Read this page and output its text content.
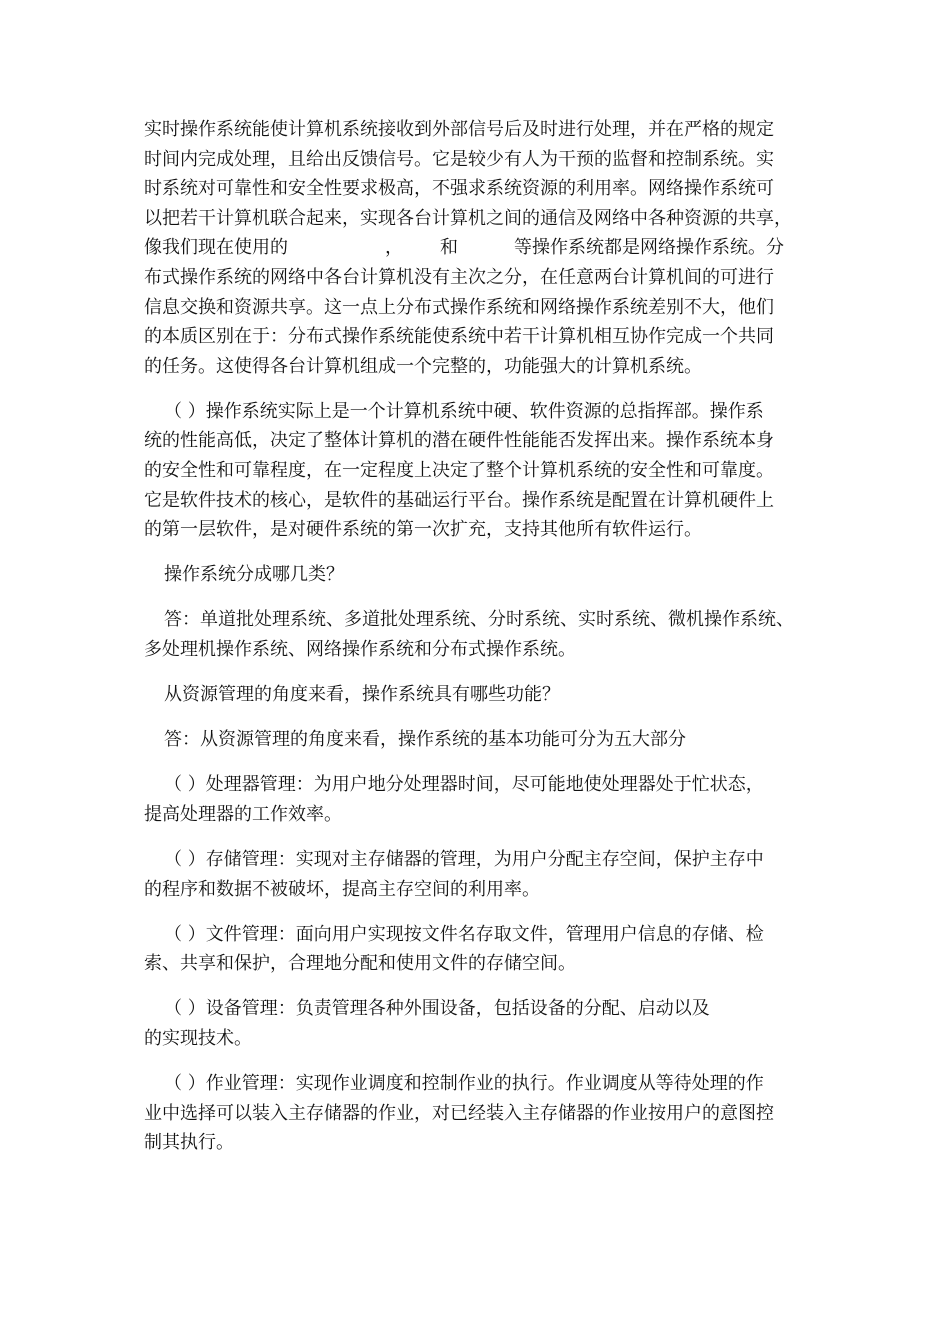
实时操作系统能使计算机系统接收到外部信号后及时进行处理，并在严格的规定
时间内完成处理，且给出反馈信号。它是较少有人为干预的监督和控制系统。实
时系统对可靠性和安全性要求极高，不强求系统资源的利用率。网络操作系统可
以把若干计算机联合起来，实现各台计算机之间的通信及网络中各种资源的共享，
像我们现在使用的	， 和	等操作系统都是网络操作系统。分
布式操作系统的网络中各台计算机没有主次之分，在任意两台计算机间的可进行
信息交换和资源共享。这一点上分布式操作系统和网络操作系统差别不大，他们
的本质区别在于：分布式操作系统能使系统中若干计算机相互协作完成一个共同
的任务。这使得各台计算机组成一个完整的，功能强大的计算机系统。
（ ）操作系统实际上是一个计算机系统中硬、软件资源的总指挥部。操作系
统的性能高低，决定了整体计算机的潜在硬件性能能否发挥出来。操作系统本身
的安全性和可靠程度，在一定程度上决定了整个计算机系统的安全性和可靠度。
它是软件技术的核心，是软件的基础运行平台。操作系统是配置在计算机硬件上
的第一层软件，是对硬件系统的第一次扩充，支持其他所有软件运行。
操作系统分成哪几类？
答：单道批处理系统、多道批处理系统、分时系统、实时系统、微机操作系统、
多处理机操作系统、网络操作系统和分布式操作系统。
从资源管理的角度来看，操作系统具有哪些功能？
答：从资源管理的角度来看，操作系统的基本功能可分为五大部分
（ ）处理器管理：为用户地分处理器时间，尽可能地使处理器处于忙状态，
提高处理器的工作效率。
（ ）存储管理：实现对主存储器的管理，为用户分配主存空间，保护主存中
的程序和数据不被破坏，提高主存空间的利用率。
（ ）文件管理：面向用户实现按文件名存取文件，管理用户信息的存储、检
索、共享和保护，合理地分配和使用文件的存储空间。
（ ）设备管理：负责管理各种外围设备，包括设备的分配、启动以及
的实现技术。
（ ）作业管理：实现作业调度和控制作业的执行。作业调度从等待处理的作
业中选择可以装入主存储器的作业，对已经装入主存储器的作业按用户的意图控
制其执行。
